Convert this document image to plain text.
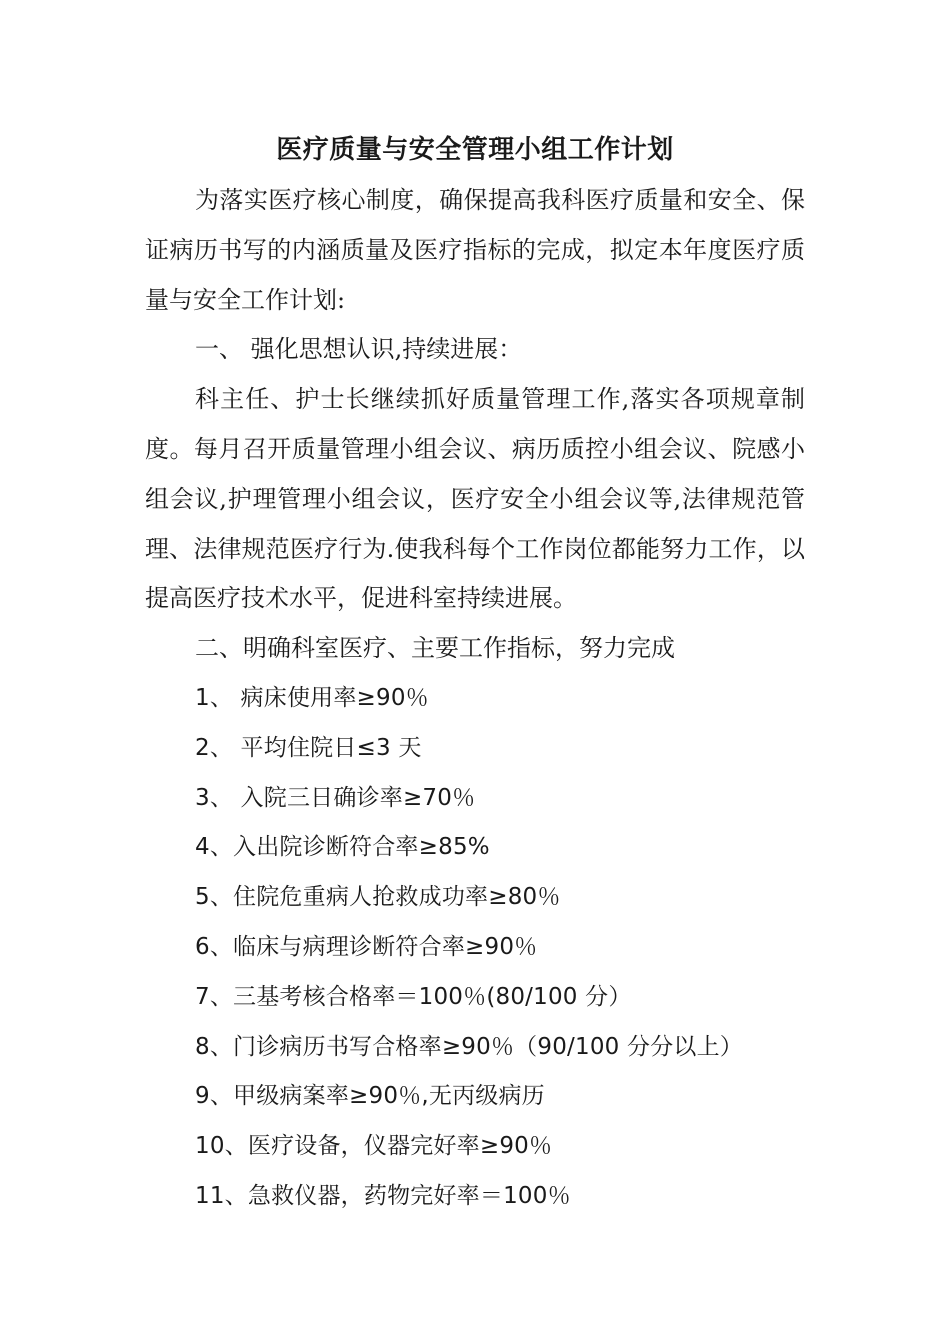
医疗质量与安全管理小组工作计划

为落实医疗核心制度，确保提高我科医疗质量和安全、保证病历书写的内涵质量及医疗指标的完成，拟定本年度医疗质量与安全工作计划:

一、 强化思想认识,持续进展：

科主任、护士长继续抓好质量管理工作,落实各项规章制度。每月召开质量管理小组会议、病历质控小组会议、院感小组会议,护理管理小组会议，医疗安全小组会议等,法律规范管理、法律规范医疗行为.使我科每个工作岗位都能努力工作，以提高医疗技术水平，促进科室持续进展。

二、明确科室医疗、主要工作指标，努力完成

1、 病床使用率≥90％

2、 平均住院日≤3 天

3、 入院三日确诊率≥70％

4、入出院诊断符合率≥85%

5、住院危重病人抢救成功率≥80％

6、临床与病理诊断符合率≥90％

7、三基考核合格率＝100％(80/100 分）

8、门诊病历书写合格率≥90％（90/100 分分以上）

9、甲级病案率≥90％,无丙级病历

10、医疗设备，仪器完好率≥90％

11、急救仪器，药物完好率＝100％
